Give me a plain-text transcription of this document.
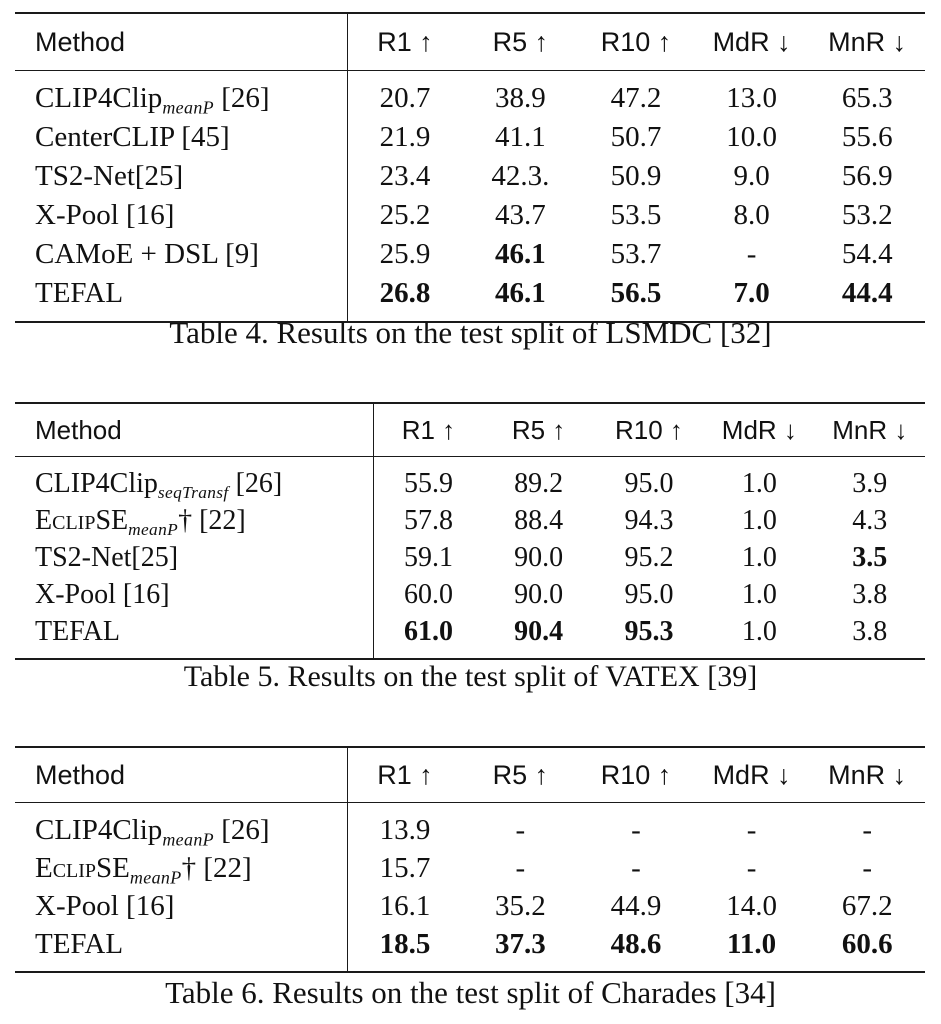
Method	R1 ↑	R5 ↑	R10 ↑	MdR ↓	MnR ↓
CLIP4Clip$_{meanP}$ [26]	20.7	38.9	47.2	13.0	65.3
CenterCLIP [45]	21.9	41.1	50.7	10.0	55.6
TS2-Net[25]	23.4	42.3.	50.9	9.0	56.9
X-Pool [16]	25.2	43.7	53.5	8.0	53.2
CAMoE + DSL [9]	25.9	46.1	53.7	-	54.4
TEFAL	26.8	46.1	56.5	7.0	44.4

Table 4. Results on the test split of LSMDC [32]
Method	R1 ↑	R5 ↑	R10 ↑	MdR ↓	MnR ↓
CLIP4Clip$_{seqTransf}$ [26]	55.9	89.2	95.0	1.0	3.9
EclipSE$_{meanP}$† [22]	57.8	88.4	94.3	1.0	4.3
TS2-Net[25]	59.1	90.0	95.2	1.0	3.5
X-Pool [16]	60.0	90.0	95.0	1.0	3.8
TEFAL	61.0	90.4	95.3	1.0	3.8

Table 5. Results on the test split of VATEX [39]
Method	R1 ↑	R5 ↑	R10 ↑	MdR ↓	MnR ↓
CLIP4Clip$_{meanP}$ [26]	13.9	-	-	-	-
EclipSE$_{meanP}$† [22]	15.7	-	-	-	-
X-Pool [16]	16.1	35.2	44.9	14.0	67.2
TEFAL	18.5	37.3	48.6	11.0	60.6

Table 6. Results on the test split of Charades [34]
